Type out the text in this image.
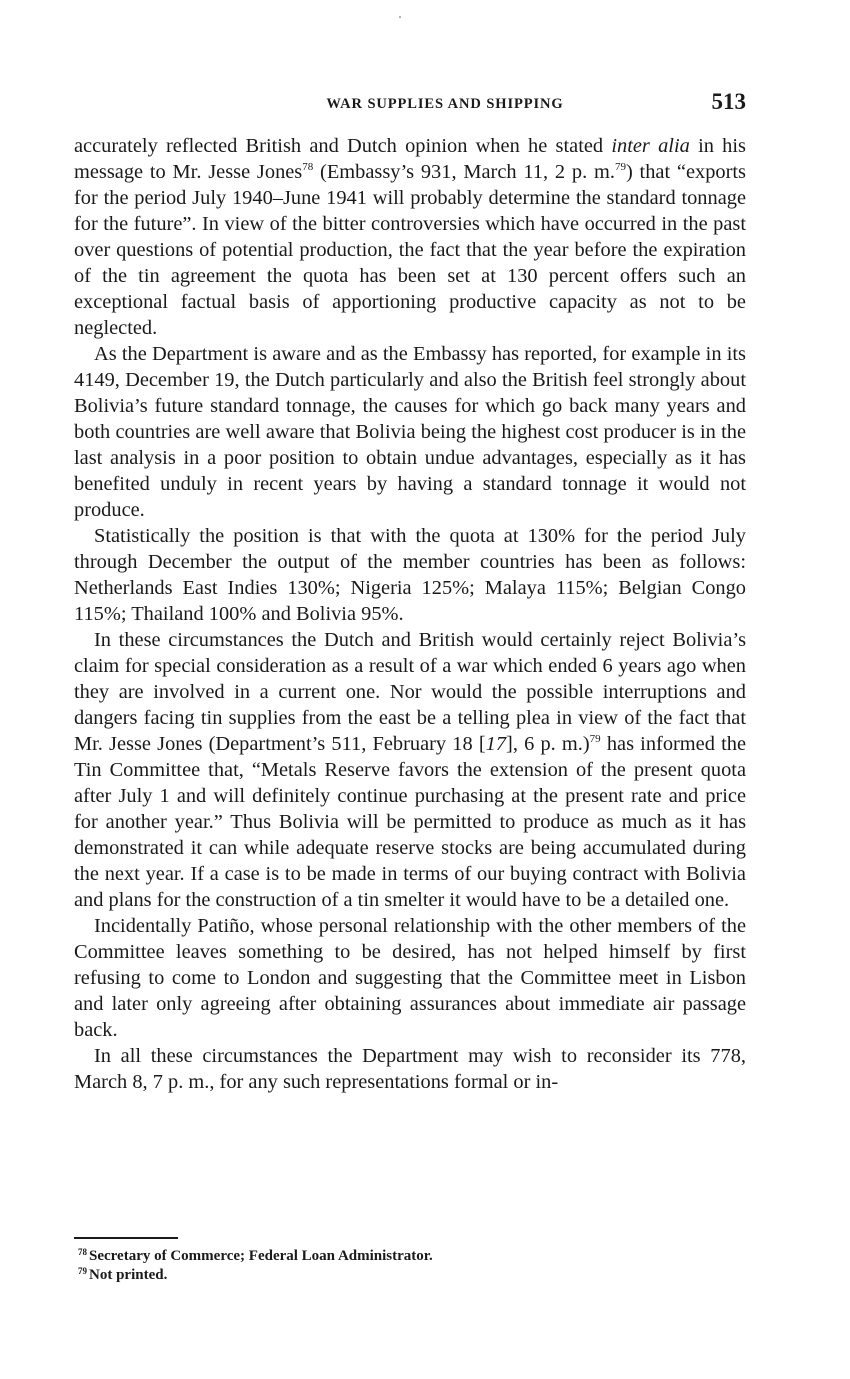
WAR SUPPLIES AND SHIPPING	513

accurately reflected British and Dutch opinion when he stated inter alia in his message to Mr. Jesse Jones$^{78}$ (Embassy’s 931, March 11, 2 p. m.$^{79}$) that “exports for the period July 1940–June 1941 will probably determine the standard tonnage for the future”. In view of the bitter controversies which have occurred in the past over questions of potential production, the fact that the year before the expiration of the tin agreement the quota has been set at 130 percent offers such an exceptional factual basis of apportioning productive capacity as not to be neglected.

As the Department is aware and as the Embassy has reported, for example in its 4149, December 19, the Dutch particularly and also the British feel strongly about Bolivia’s future standard tonnage, the causes for which go back many years and both countries are well aware that Bolivia being the highest cost producer is in the last analysis in a poor position to obtain undue advantages, especially as it has benefited unduly in recent years by having a standard tonnage it would not produce.

Statistically the position is that with the quota at 130% for the period July through December the output of the member countries has been as follows: Netherlands East Indies 130%; Nigeria 125%; Malaya 115%; Belgian Congo 115%; Thailand 100% and Bolivia 95%.

In these circumstances the Dutch and British would certainly reject Bolivia’s claim for special consideration as a result of a war which ended 6 years ago when they are involved in a current one. Nor would the possible interruptions and dangers facing tin supplies from the east be a telling plea in view of the fact that Mr. Jesse Jones (Department’s 511, February 18 [17], 6 p. m.)$^{79}$ has informed the Tin Committee that, “Metals Reserve favors the extension of the present quota after July 1 and will definitely continue purchasing at the present rate and price for another year.” Thus Bolivia will be permitted to produce as much as it has demonstrated it can while adequate reserve stocks are being accumulated during the next year. If a case is to be made in terms of our buying contract with Bolivia and plans for the construction of a tin smelter it would have to be a detailed one.

Incidentally Patiño, whose personal relationship with the other members of the Committee leaves something to be desired, has not helped himself by first refusing to come to London and suggesting that the Committee meet in Lisbon and later only agreeing after obtaining assurances about immediate air passage back.

In all these circumstances the Department may wish to reconsider its 778, March 8, 7 p. m., for any such representations formal or in-

$^{78}$ Secretary of Commerce; Federal Loan Administrator.

$^{79}$ Not printed.
